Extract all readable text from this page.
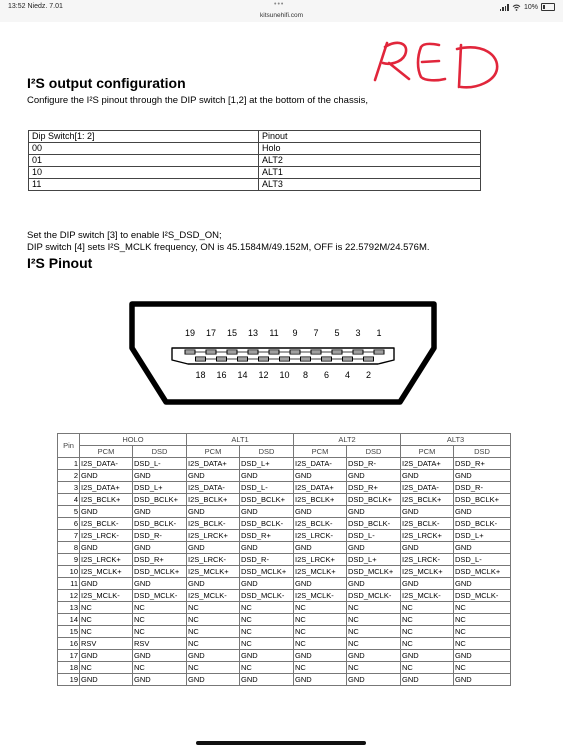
13:52 Niedz. 7.01	•••
kitsunehifi.com
10%
I²S output configuration
Configure the I²S pinout through the DIP switch [1,2] at the bottom of the chassis,
Dip Switch[1: 2]	Pinout
00	Holo
01	ALT2
10	ALT1
11	ALT3
Set the DIP switch [3] to enable I²S_DSD_ON;
DIP switch [4] sets I²S_MCLK frequency, ON is 45.1584M/49.152M, OFF is 22.5792M/24.576M.
I²S Pinout
19 17 15 13 11 9 7 5 3 1
18 16 14 12 10 8 6 4 2
Pin	HOLO		ALT1		ALT2		ALT3	
	PCM	DSD	PCM	DSD	PCM	DSD	PCM	DSD
1	I2S_DATA-	DSD_L-	I2S_DATA+	DSD_L+	I2S_DATA-	DSD_R-	I2S_DATA+	DSD_R+
2	GND	GND	GND	GND	GND	GND	GND	GND
3	I2S_DATA+	DSD_L+	I2S_DATA-	DSD_L-	I2S_DATA+	DSD_R+	I2S_DATA-	DSD_R-
4	I2S_BCLK+	DSD_BCLK+	I2S_BCLK+	DSD_BCLK+	I2S_BCLK+	DSD_BCLK+	I2S_BCLK+	DSD_BCLK+
5	GND	GND	GND	GND	GND	GND	GND	GND
6	I2S_BCLK-	DSD_BCLK-	I2S_BCLK-	DSD_BCLK-	I2S_BCLK-	DSD_BCLK-	I2S_BCLK-	DSD_BCLK-
7	I2S_LRCK-	DSD_R-	I2S_LRCK+	DSD_R+	I2S_LRCK-	DSD_L-	I2S_LRCK+	DSD_L+
8	GND	GND	GND	GND	GND	GND	GND	GND
9	I2S_LRCK+	DSD_R+	I2S_LRCK-	DSD_R-	I2S_LRCK+	DSD_L+	I2S_LRCK-	DSD_L-
10	I2S_MCLK+	DSD_MCLK+	I2S_MCLK+	DSD_MCLK+	I2S_MCLK+	DSD_MCLK+	I2S_MCLK+	DSD_MCLK+
11	GND	GND	GND	GND	GND	GND	GND	GND
12	I2S_MCLK-	DSD_MCLK-	I2S_MCLK-	DSD_MCLK-	I2S_MCLK-	DSD_MCLK-	I2S_MCLK-	DSD_MCLK-
13	NC	NC	NC	NC	NC	NC	NC	NC
14	NC	NC	NC	NC	NC	NC	NC	NC
15	NC	NC	NC	NC	NC	NC	NC	NC
16	RSV	RSV	NC	NC	NC	NC	NC	NC
17	GND	GND	GND	GND	GND	GND	GND	GND
18	NC	NC	NC	NC	NC	NC	NC	NC
19	GND	GND	GND	GND	GND	GND	GND	GND
